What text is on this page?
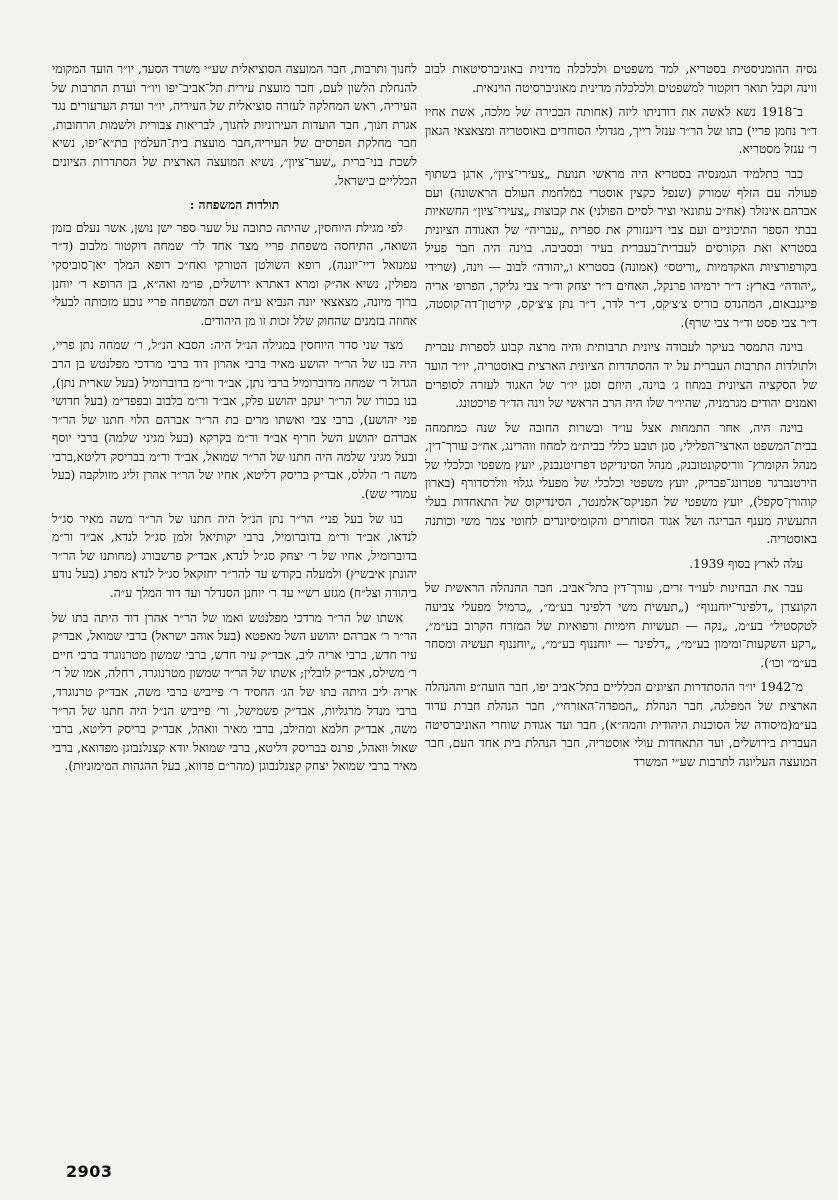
נסיה ההומניסטית בסטריא, למד משפטים ולכלכלה מדינית באוניברסיטאות לבוב ווינה וקבל תואר דוקטור למשפטים ולכלכלה מדינית מאוניברסיטה הוינאית.

ב־1918 נשא לאשה את דודניתו ליזה (אחותה הבכירה של מלכה, אשת אחיו ד״ר נחמן פריי) בתו של הר״ר ענזל רייך, מגדולי הסוחרים באוסטריה ומצאצאי הגאון ר׳ ענזל מסטריא.

כבר כתלמיד הגמנסיה בסטריא היה מראשי תנועת „צעירי־ציון״, ארגן בשתוף פעולה עם הזלף שמורק (שנפל כקצין אוסטרי במלחמת העולם הראשונה) ועם אברהם אינזלר (אח״כ עתונאי וציר לסיים הפולני) את קבוצות „צעירי־ציון״ החשאיות בבתי הספר התיכוניים ועם צבי דיגנזורק את ספרית „עבריה״ של האגודה הציונית בסטריא ואת הקורסים לעברית־בעברית בעיר ובסביבה. בוינה היה חבר פעיל בקורפורציות האקדמיות „וריטס״ (אמונה) בסטריא ו„יהודה״ לבוב — וינה, (שרידי „יהודה״ בארץ: ד״ר ירמיהו פרנקל, האחים ד״ר יצחק וד״ר צבי גליקר, הפרופ׳ אריה פייגנבאום, המהנדס בוריס צ׳צ׳קס, ד״ר לדר, ד״ר נתן צ׳צ׳קס, קירטון־דה־קוסטה, ד״ר צבי פסט וד״ר צבי שרף).

בוינה התמסר בעיקר לעבודה ציונית תרבותית והיה מרצה קבוע לספרות עברית ולתולדות התרבות העברית על יד ההסתדרות הציונית הארצית באוסטריה, יו״ר הועד של הסקציה הציונית במחוז ג׳ בוינה, היוזם וסגן יו״ר של האגוד לעזרה לסופרים ואמנים יהודים מגרמניה, שהיו״ר שלו היה הרב הראשי של וינה הד״ר פויכטונג.

בוינה היה, אחר התמחות אצל עו״ד ובשרות החובה של שנה כמתמחה בבית־המשפט הארצי־הפלילי, סגן תובע כללי בבית״מ למחוז ווהרינג, אח״כ עורך־דין, מנהל הקומרץ־ ווריסקונטובנק, מנהל הסינדיקט דפרזיטנבנק, יועץ משפטי וכלכלי של הירטנברגר פטרונג־פבריק, יועץ משפטי וכלכלי של מפעלי גגלוי וולרסדורף (בארון קוהורן־סקפל), יועץ משפטי של הפניקס־אלמנטר, הסינדיקוס של התאחדות בעלי התעשיה מענף הבריגה ושל אגוד הסוחרים והקומיסיונרים לחוטי צמר משי וכותנה באוסטריה.

עלה לארץ בסוף 1939.

עבר את הבחינות לעו״ד זרים, עורך־דין בתל־אביב. חבר ההנהלה הראשית של הקונצרן „דלפינר־יוחננוף״ („תעשית משי דלפינר בע״מ״, „כרמיל מפעלי צביעה לטקסטיל״ בע״מ, „נקה — תעשיות חימיות ורפואיות של המזרח הקרוב בע״מ״, „רקע השקעות־ומימון בע״מ״, „דלפינר — יוחננוף בע״מ״, „יוחננוף תעשיה ומסחר בע״מ״ וכו׳).

מ־1942 יו״ר ההסתדרות הציונים הכלליים בתל־אביב יפו, חבר הועה״פ וההנהלה הארצית של המפלגה, חבר הנהלת „המפדה־האזרחי״, חבר הנהלת חברת עדוד בע״מ(מיסודה של הסוכנות היהודית והמה״א), חבר ועד אגודת שוחרי האוניברסיטה העברית בירושלים, ועד התאחדות עולי אוסטריה, חבר הנהלת בית אחד העם, חבר המועצה העליונה לתרבות שע״י המשרד

לחנוך ותרבות, חבר המועצה הסוציאלית שע״י משרד הסעד, יו״ר הועד המקומי להנחלת הלשון לעם, חבר מועצת עירית תל־אביב־יפו ויו״ר ועדת התרבות של העיריה, ראש המחלקה לעזרה סוציאלית של העיריה, יו״ר ועדת הערעורים נגד אגרת חנוך, חבר הועדות העירוניות לחנוך, לבריאות צבורית ולשמות הרחובות, חבר מחלקת הפרסים של העיריה,חבר מועצת בית־העלמין בת״א־יפו, נשיא לשכת בני־ברית „שער־ציון״, נשיא המועצה הארצית של הסתדרות הציונים הכלליים בישראל.

תולדות המשפחה :

לפי מגילת היוחסין, שהיתה כתובה על שער ספר ישן נושן, אשר נעלם בזמן השואה, התיחסה משפחת פריי מצד אחד לר׳ שמחה דוקטור מלבוב (ד״ר עמנואל דיי־יוננה), רופא השולטן הטורקי ואח״כ רופא המלך יאן־סוביסקי מפולין, נשיא אה״ק ומרא דאתרא ירושלים, פו״מ ואה״א, בן הרופא ר׳ יוחנן ברוך מיונה, מצאצאי יונה הנביא ע״ה ושם המשפחה פריי נובע מזכותה לבעלי אחוזה בזמנים שהחוק שלל זכות זו מן היהודים.

מצד שני סדר היוחסין במגילה הנ״ל היה: הסבא הנ״ל, ר׳ שמחה נתן פריי, היה בנו של הר״ר יהושע מאיר ברבי אהרון דוד ברבי מרדכי מפלנטש בן הרב הגדול ר׳ שמחה מדוברומיל ברבי נתן, אב״ד ור״מ בדוברומיל (בעל שארית נתן), בנו בכורו של הר״ר יעקב יהושע פלק, אב״ד ור״מ בלבוב ובפפד״מ (בעל חדושי פני יהושע), ברבי צבי ואשתו מרים בת הר״ר אברהם הלוי חתנו של הר״ר אברהם יהושע השל חריף אב״ד ור״מ בקרקא (בעל מגיני שלמה) ברבי יוסף ובעל מגיני שלמה היה חתנו של הר״ר שמואל, אב״ד ור״מ בבריסק דליטא,ברבי משה ר׳ הללס, אבד״ק בריסק דליטא, אחיו של הר״ר אהרן זליג מזולקבה (בעל עמודי שש).

בנו של בעל פני״ הר״ר נתן הנ״ל היה חתנו של הר״ר משה מאיר סג״ל לנדאו, אב״ד ור״מ בדוברומיל, ברבי יקותיאל זלמן סג״ל לנדא, אב״ד ור״מ בדוברומיל, אחיו של ר׳ יצחק סג״ל לנדא, אבד״ק פרשבורג (מחותנו של הר״ר יהונתן איבשיץ) ולמעלה בקודש עד להר״ר יחזקאל סג״ל לנדא מפרג (בעל נודע ביהודה וצל״ח) מגזע רש״י עד ר׳ יוחנן הסנדלר ועד דוד המלך ע״ה.

אשתו של הר״ר מרדכי מפלנטש ואמו של הר״ר אהרן דוד היתה בתו של הר״ר ר׳ אברהם יהושע השל מאפטא (בעל אוהב ישראל) ברבי שמואל, אבד״ק עיר חדש, ברבי אריה ליב, אבד״ק עיר חדש, ברבי שמשון מטרנוגרד ברבי חיים ר׳ משילס, אבד״ק לובלין; אשתו של הר״ר שמשון מטרנוגרד, רחלה, אמו של ר׳ אריה ליב היתה בתו של הג׳ החסיד ר׳ פייביש ברבי משה, אבד״ק טרנוגרד, ברבי מנדל מרגליות, אבד״ק פשמישל, ור׳ פייביש הנ״ל היה חתנו של הר״ר משה, אבד״ק חלמא ומהילב, ברבי מאיר וואהל, אבד״ק בריסק דליטא, ברבי שאול וואהל, פרנס בבריסק דליטא, ברבי שמואל יודא קצנלנבוגן מפדואא, ברבי מאיר ברבי שמואל יצחק קצנלנבוגן (מהר״ם פדווא, בעל ההגהות המימוניות).

2903
